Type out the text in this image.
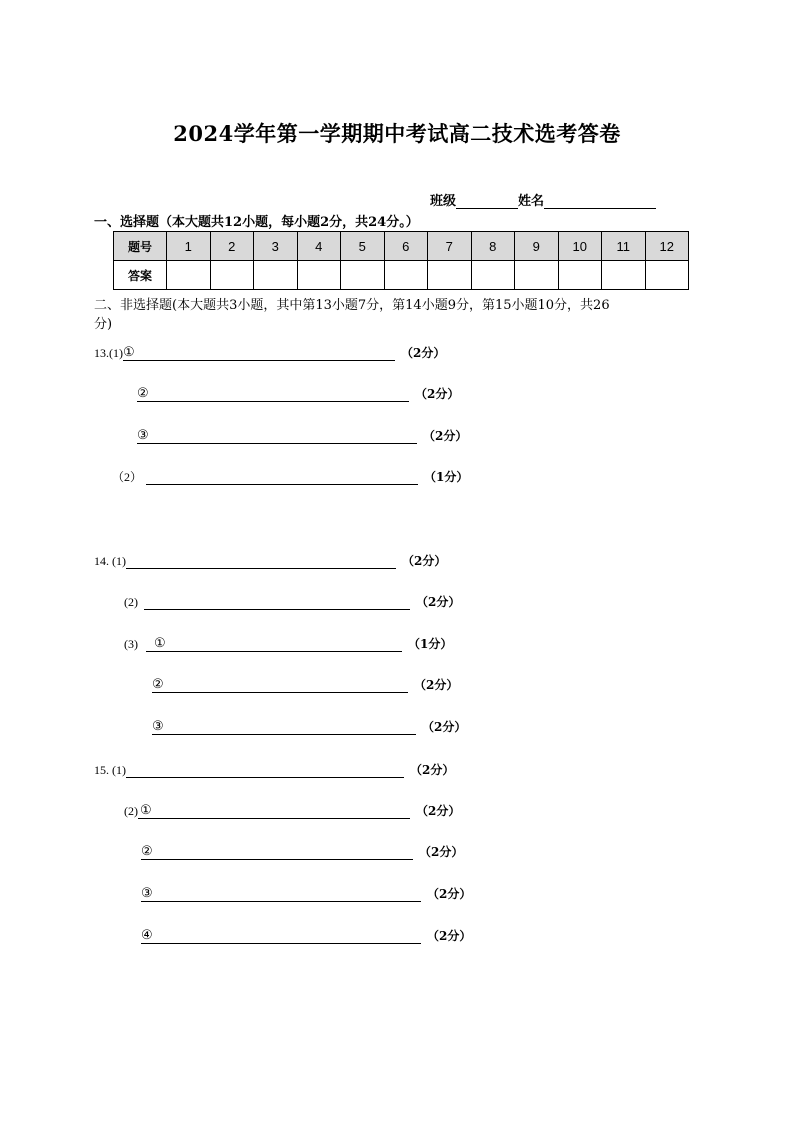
2024学年第一学期期中考试高二技术选考答卷
班级	姓名
一、选择题（本大题共12小题，每小题2分，共24分。）
题号	1	2	3	4	5	6	7	8	9	10	11	12
答案												
二、非选择题(本大题共3小题，其中第13小题7分，第14小题9分，第15小题10分，共26
分)
13.(1) ①	（2分）
②	（2分）
③	（2分）
（2）	（1分）
14. (1)	（2分）
(2)	（2分）
(3) ①	（1分）
②	（2分）
③	（2分）
15. (1)	（2分）
(2) ①	（2分）
②	（2分）
③	（2分）
④	（2分）
